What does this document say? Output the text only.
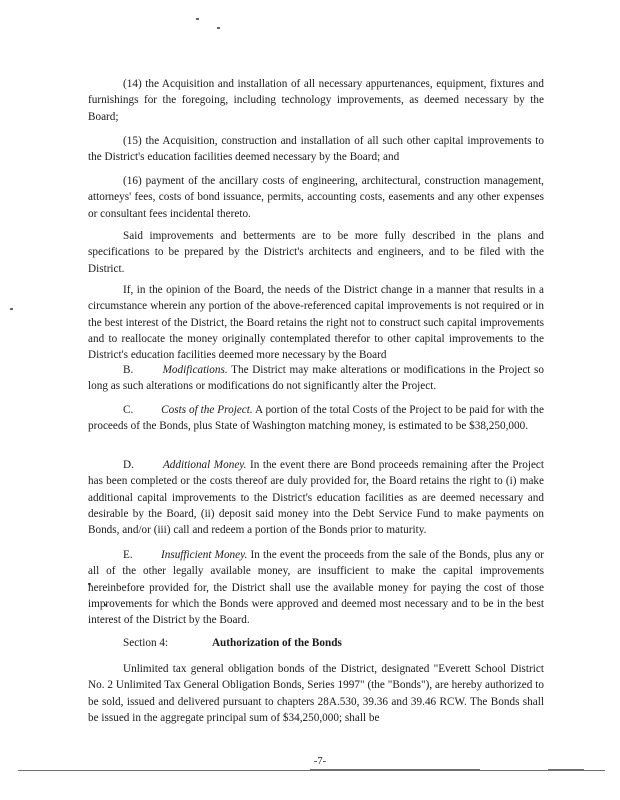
(14) the Acquisition and installation of all necessary appurtenances, equipment, fixtures and furnishings for the foregoing, including technology improvements, as deemed necessary by the Board;
(15) the Acquisition, construction and installation of all such other capital improvements to the District's education facilities deemed necessary by the Board; and
(16) payment of the ancillary costs of engineering, architectural, construction management, attorneys' fees, costs of bond issuance, permits, accounting costs, easements and any other expenses or consultant fees incidental thereto.
Said improvements and betterments are to be more fully described in the plans and specifications to be prepared by the District's architects and engineers, and to be filed with the District.
If, in the opinion of the Board, the needs of the District change in a manner that results in a circumstance wherein any portion of the above-referenced capital improvements is not required or in the best interest of the District, the Board retains the right not to construct such capital improvements and to reallocate the money originally contemplated therefor to other capital improvements to the District's education facilities deemed more necessary by the Board
B.	Modifications. The District may make alterations or modifications in the Project so long as such alterations or modifications do not significantly alter the Project.
C. Costs of the Project. A portion of the total Costs of the Project to be paid for with the proceeds of the Bonds, plus State of Washington matching money, is estimated to be $38,250,000.
D.	Additional Money. In the event there are Bond proceeds remaining after the Project has been completed or the costs thereof are duly provided for, the Board retains the right to (i) make additional capital improvements to the District's education facilities as are deemed necessary and desirable by the Board, (ii) deposit said money into the Debt Service Fund to make payments on Bonds, and/or (iii) call and redeem a portion of the Bonds prior to maturity.
E.	Insufficient Money. In the event the proceeds from the sale of the Bonds, plus any or all of the other legally available money, are insufficient to make the capital improvements hereinbefore provided for, the District shall use the available money for paying the cost of those improvements for which the Bonds were approved and deemed most necessary and to be in the best interest of the District by the Board.
Section 4:	Authorization of the Bonds
Unlimited tax general obligation bonds of the District, designated "Everett School District No. 2 Unlimited Tax General Obligation Bonds, Series 1997" (the "Bonds"), are hereby authorized to be sold, issued and delivered pursuant to chapters 28A.530, 39.36 and 39.46 RCW. The Bonds shall be issued in the aggregate principal sum of $34,250,000; shall be
-7-
